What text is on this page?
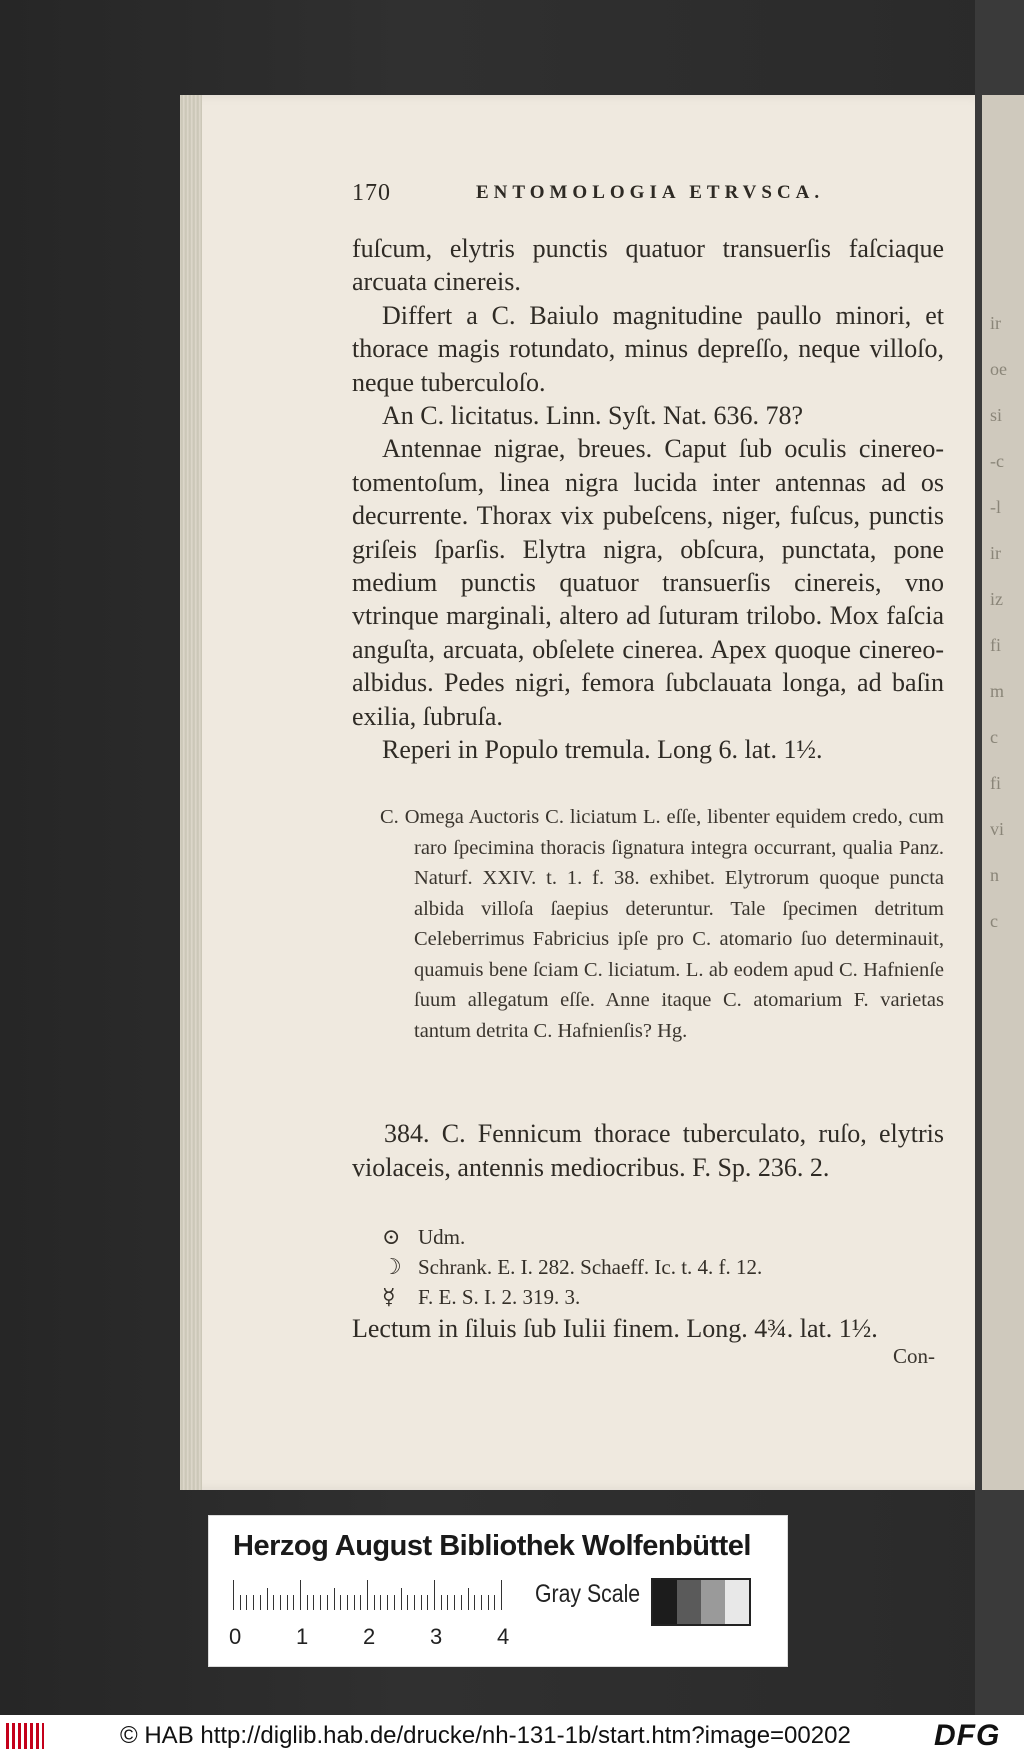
ir
oe
si
-c
-l
ir
iz
fi
m
c
fi
vi
n
c
170	ENTOMOLOGIA ETRVSCA.

fuſcum, elytris punctis quatuor transuerſis faſciaque arcuata cinereis.

Differt a C. Baiulo magnitudine paullo minori, et thorace magis rotundato, minus depreſſo, neque villoſo, neque tuberculoſo.

An C. licitatus. Linn. Syſt. Nat. 636. 78?

Antennae nigrae, breues. Caput ſub oculis cinereo-tomentoſum, linea nigra lucida inter antennas ad os decurrente. Thorax vix pubeſcens, niger, fuſcus, punctis griſeis ſparſis. Elytra nigra, obſcura, punctata, pone medium punctis quatuor transuerſis cinereis, vno vtrinque marginali, altero ad ſuturam trilobo. Mox faſcia anguſta, arcuata, obſelete cinerea. Apex quoque cinereo-albidus. Pedes nigri, femora ſubclauata longa, ad baſin exilia, ſubruſa.

Reperi in Populo tremula. Long 6. lat. 1½.

C. Omega Auctoris C. liciatum L. eſſe, libenter equidem credo, cum raro ſpecimina thoracis ſignatura integra occurrant, qualia Panz. Naturf. XXIV. t. 1. f. 38. exhibet. Elytrorum quoque puncta albida villoſa ſaepius deteruntur. Tale ſpecimen detritum Celeberrimus Fabricius ipſe pro C. atomario ſuo determinauit, quamuis bene ſciam C. liciatum. L. ab eodem apud C. Hafnienſe ſuum allegatum eſſe. Anne itaque C. atomarium F. varietas tantum detrita C. Hafnienſis? Hg.

384. C. Fennicum thorace tuberculato, ruſo, elytris violaceis, antennis mediocribus. F. Sp. 236. 2.

⊙ Udm.
☽ Schrank. E. I. 282. Schaeff. Ic. t. 4. f. 12.
☿	F. E. S. I. 2. 319. 3.
Lectum in ſiluis ſub Iulii finem. Long. 4¾. lat. 1½.
Con-
Herzog August Bibliothek Wolfenbüttel
0 1 2 3 4
Gray Scale
© HAB http://diglib.hab.de/drucke/nh-131-1b/start.htm?image=00202	DFG
